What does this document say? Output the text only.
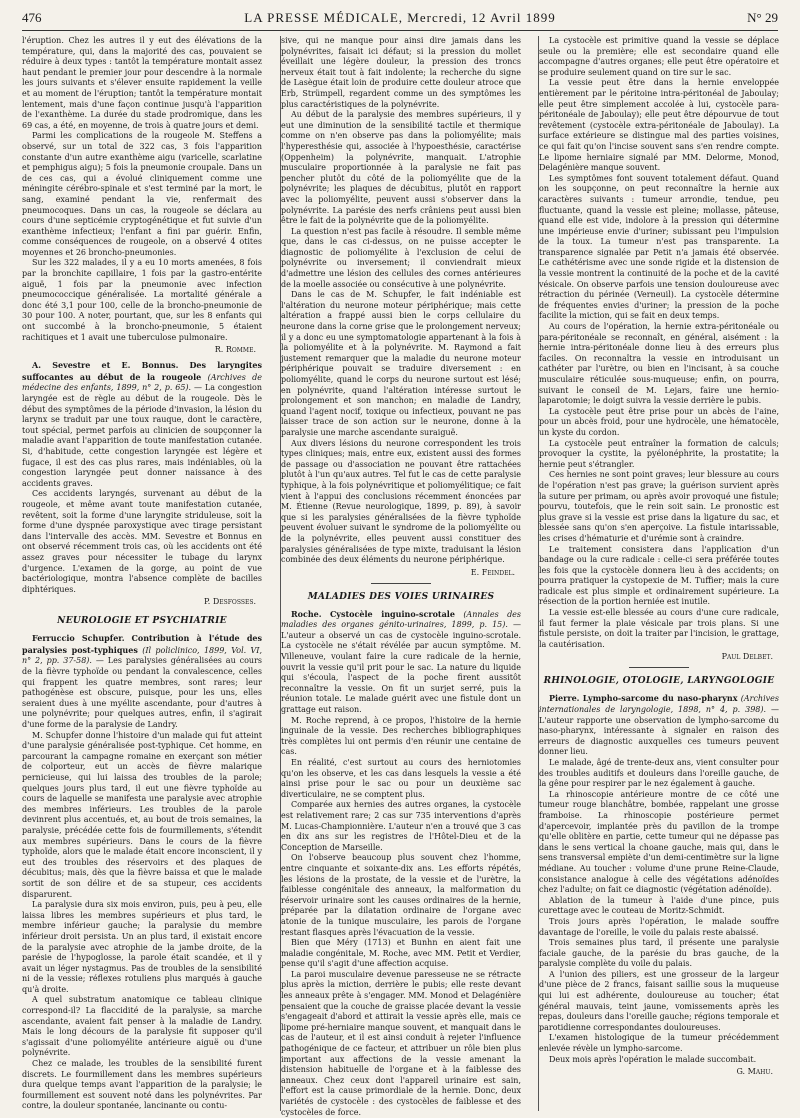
476	LA PRESSE MÉDICALE, Mercredi, 12 Avril 1899	N° 29

l'éruption. Chez les autres il y eut des élévations de la température, qui, dans la majorité des cas, pouvaient se réduire à deux types : tantôt la température montait assez haut pendant le premier jour pour descendre à la normale les jours suivants et s'élever ensuite rapidement la veille et au moment de l'éruption; tantôt la température montait lentement, mais d'une façon continue jusqu'à l'apparition de l'exanthème. La durée du stade prodromique, dans les 69 cas, a été, en moyenne, de trois à quatre jours et demi.

Parmi les complications de la rougeole M. Steffens a observé, sur un total de 322 cas, 3 fois l'apparition constante d'un autre exanthème aigu (varicelle, scarlatine et pemphigus aigu); 5 fois la pneumonie croupale. Dans un de ces cas, qui a évolué cliniquement comme une méningite cérébro-spinale et s'est terminé par la mort, le sang, examiné pendant la vie, renfermait des pneumocoques. Dans un cas, la rougeole se déclara au cours d'une septicémie cryptogénétique et fut suivie d'un exanthème infectieux; l'enfant a fini par guérir. Enfin, comme conséquences de rougeole, on a observé 4 otites moyennes et 26 broncho-pneumonies.

Sur les 322 malades, il y a eu 10 morts amenées, 8 fois par la bronchite capillaire, 1 fois par la gastro-entérite aiguë, 1 fois par la pneumonie avec infection pneumococcique généralisée. La mortalité générale a donc été 3,1 pour 100, celle de la broncho-pneumonie de 30 pour 100. A noter, pourtant, que, sur les 8 enfants qui ont succombé à la broncho-pneumonie, 5 étaient rachitiques et 1 avait une tuberculose pulmonaire.

R. Romme.

A. Sevestre et E. Bonnus. Des laryngites suffocantes au début de la rougeole (Archives de médecine des enfants, 1899, n° 2, p. 65). — La congestion laryngée est de règle au début de la rougeole. Dès le début des symptômes de la période d'invasion, la lésion du larynx se traduit par une toux rauque, dont le caractère, tout spécial, permet parfois au clinicien de soupçonner la maladie avant l'apparition de toute manifestation cutanée. Si, d'habitude, cette congestion laryngée est légère et fugace, il est des cas plus rares, mais indéniables, où la congestion laryngée peut donner naissance à des accidents graves.

Ces accidents laryngés, survenant au début de la rougeole, et même avant toute manifestation cutanée, revêtent, soit la forme d'une laryngite striduleuse, soit la forme d'une dyspnée paroxystique avec tirage persistant dans l'intervalle des accès. MM. Sevestre et Bonnus en ont observé récemment trois cas, où les accidents ont été assez graves pour nécessiter le tubage du larynx d'urgence. L'examen de la gorge, au point de vue bactériologique, montra l'absence complète de bacilles diphtériques.

P. Desfosses.
NEUROLOGIE ET PSYCHIATRIE

Ferruccio Schupfer. Contribution à l'étude des paralysies post-typhiques (Il policlinico, 1899, Vol. VI, n° 2, pp. 37-58). — Les paralysies généralisées au cours de la fièvre typhoïde ou pendant la convalescence, celles qui frappent les quatre membres, sont rares; leur pathogénèse est obscure, puisque, pour les uns, elles seraient dues à une myélite ascendante, pour d'autres à une polynévrite; pour quelques autres, enfin, il s'agirait d'une forme de la paralysie de Landry.

M. Schupfer donne l'histoire d'un malade qui fut atteint d'une paralysie généralisée post-typhique. Cet homme, en parcourant la campagne romaine en exerçant son métier de colporteur, eut un accès de fièvre malarique pernicieuse, qui lui laissa des troubles de la parole; quelques jours plus tard, il eut une fièvre typhoïde au cours de laquelle se manifesta une paralysie avec atrophie des membres inférieurs. Les troubles de la parole devinrent plus accentués, et, au bout de trois semaines, la paralysie, précédée cette fois de fourmillements, s'étendit aux membres supérieurs. Dans le cours de la fièvre typhoïde, alors que le malade était encore inconscient, il y eut des troubles des réservoirs et des plaques de décubitus; mais, dès que la fièvre baissa et que le malade sortit de son délire et de sa stupeur, ces accidents disparurent.

La paralysie dura six mois environ, puis, peu à peu, elle laissa libres les membres supérieurs et plus tard, le membre inférieur gauche; la paralysie du membre inférieur droit persista. Un an plus tard, il existait encore de la paralysie avec atrophie de la jambe droite, de la parésie de l'hypoglosse, la parole était scandée, et il y avait un léger nystagmus. Pas de troubles de la sensibilité ni de la vessie; réflexes rotuliens plus marqués à gauche qu'à droite.

A quel substratum anatomique ce tableau clinique correspond-il? La flaccidité de la paralysie, sa marche ascendante, avaient fait penser à la maladie de Landry. Mais le long décours de la paralysie fit supposer qu'il s'agissait d'une poliomyélite antérieure aiguë ou d'une polynévrite.

Chez ce malade, les troubles de la sensibilité furent discrets. Le fourmillement dans les membres supérieurs dura quelque temps avant l'apparition de la paralysie; le fourmillement est souvent noté dans les polynévrites. Par contre, la douleur spontanée, lancinante ou contu-

sive, qui ne manque pour ainsi dire jamais dans les polynévrites, faisait ici défaut; si la pression du mollet éveillait une légère douleur, la pression des troncs nerveux était tout à fait indolente; la recherche du signe de Lasègue était loin de produire cette douleur atroce que Erb, Strümpell, regardent comme un des symptômes les plus caractéristiques de la polynévrite.

Au début de la paralysie des membres supérieurs, il y eut une diminution de la sensibilité tactile et thermique comme on n'en observe pas dans la poliomyélite; mais l'hyperesthésie qui, associée à l'hypoesthésie, caractérise (Oppenheim) la polynévrite, manquait. L'atrophie musculaire proportionnée à la paralysie ne fait pas pencher plutôt du côté de la poliomyélite que de la polynévrite; les plaques de décubitus, plutôt en rapport avec la poliomyélite, peuvent aussi s'observer dans la polynévrite. La parésie des nerfs crâniens peut aussi bien être le fait de la polynévrite que de la poliomyélite.

La question n'est pas facile à résoudre. Il semble même que, dans le cas ci-dessus, on ne puisse accepter le diagnostic de poliomyélite à l'exclusion de celui de polynévrite ou inversement; il conviendrait mieux d'admettre une lésion des cellules des cornes antérieures de la moelle associée ou consécutive à une polynévrite.

Dans le cas de M. Schupfer, le fait indéniable est l'altération du neurone moteur périphérique; mais cette altération a frappé aussi bien le corps cellulaire du neurone dans la corne grise que le prolongement nerveux; il y a donc eu une symptomatologie appartenant à la fois à la poliomyélite et à la polynévrite. M. Raymond a fait justement remarquer que la maladie du neurone moteur périphérique pouvait se traduire diversement : en poliomyélite, quand le corps du neurone surtout est lésé; en polynévrite, quand l'altération intéresse surtout le prolongement et son manchon; en maladie de Landry, quand l'agent nocif, toxique ou infectieux, pouvant ne pas laisser trace de son action sur le neurone, donne à la paralysie une marche ascendante suraiguë.

Aux divers lésions du neurone correspondent les trois types cliniques; mais, entre eux, existent aussi des formes de passage ou d'association ne pouvant être rattachées plutôt à l'un qu'aux autres. Tel fut le cas de cette paralysie typhique, à la fois polynévritique et poliomyélitique; ce fait vient à l'appui des conclusions récemment énoncées par M. Étienne (Revue neurologique, 1899, p. 89), à savoir que si les paralysies généralisées de la fièvre typhoïde peuvent évoluer suivant le syndrome de la poliomyélite ou de la polynévrite, elles peuvent aussi constituer des paralysies généralisées de type mixte, traduisant la lésion combinée des deux éléments du neurone périphérique.

E. Feindel.
MALADIES DES VOIES URINAIRES

Roche. Cystocèle inguino-scrotale (Annales des maladies des organes génito-urinaires, 1899, p. 15). — L'auteur a observé un cas de cystocèle inguino-scrotale. La cystocèle ne s'était révélée par aucun symptôme. M. Villeneuve, voulant faire la cure radicale de la hernie, ouvrit la vessie qu'il prit pour le sac. La nature du liquide qui s'écoula, l'aspect de la poche firent aussitôt reconnaître la vessie. On fit un surjet serré, puis la réunion totale. Le malade guérit avec une fistule dont un grattage eut raison.

M. Roche reprend, à ce propos, l'histoire de la hernie inguinale de la vessie. Des recherches bibliographiques très complètes lui ont permis d'en réunir une centaine de cas.

En réalité, c'est surtout au cours des herniotomies qu'on les observe, et les cas dans lesquels la vessie a été ainsi prise pour le sac ou pour un deuxième sac diverticulaire, ne se comptent plus.

Comparée aux hernies des autres organes, la cystocèle est relativement rare; 2 cas sur 735 interventions d'après M. Lucas-Championnière. L'auteur n'en a trouvé que 3 cas en dix ans sur les registres de l'Hôtel-Dieu et de la Conception de Marseille.

On l'observe beaucoup plus souvent chez l'homme, entre cinquante et soixante-dix ans. Les efforts répétés, les lésions de la prostate, de la vessie et de l'urètre, la faiblesse congénitale des anneaux, la malformation du réservoir urinaire sont les causes ordinaires de la hernie, préparée par la dilatation ordinaire de l'organe avec atonie de la tunique musculaire, les parois de l'organe restant flasques après l'évacuation de la vessie.

Bien que Méry (1713) et Bunhn en aient fait une maladie congénitale, M. Roche, avec MM. Petit et Verdier, pense qu'il s'agit d'une affection acquise.

La paroi musculaire devenue paresseuse ne se rétracte plus après la miction, derrière le pubis; elle reste devant les anneaux prête à s'engager. MM. Monod et Delagénière pensaient que la couche de graisse placée devant la vessie s'engageait d'abord et attirait la vessie après elle, mais ce lipome pré-herniaire manque souvent, et manquait dans le cas de l'auteur, et il est ainsi conduit à rejeter l'influence pathogénique de ce facteur, et attribuer un rôle bien plus important aux affections de la vessie amenant la distension habituelle de l'organe et à la faiblesse des anneaux. Chez ceux dont l'appareil urinaire est sain, l'effort est la cause primordiale de la hernie. Donc, deux variétés de cystocèle : des cystocèles de faiblesse et des cystocèles de force.

La cystocèle est primitive quand la vessie se déplace seule ou la première; elle est secondaire quand elle accompagne d'autres organes; elle peut être opératoire et se produire seulement quand on tire sur le sac.

La vessie peut être dans la hernie enveloppée entièrement par le péritoine intra-péritonéal de Jaboulay; elle peut être simplement accolée à lui, cystocèle para-péritonéale de Jaboulay); elle peut être dépourvue de tout revêtement (cystocèle extra-péritonéale de Jaboulay). La surface extérieure se distingue mal des parties voisines, ce qui fait qu'on l'incise souvent sans s'en rendre compte. Le lipome herniaire signalé par MM. Delorme, Monod, Delagénière manque souvent.

Les symptômes font souvent totalement défaut. Quand on les soupçonne, on peut reconnaître la hernie aux caractères suivants : tumeur arrondie, tendue, peu fluctuante, quand la vessie est pleine; mollasse, pâteuse, quand elle est vide, indolore à la pression qui détermine une impérieuse envie d'uriner; subissant peu l'impulsion de la toux. La tumeur n'est pas transparente. La transparence signalée par Petit n'a jamais été observée. Le cathétérisme avec une sonde rigide et la distension de la vessie montrent la continuité de la poche et de la cavité vésicale. On observe parfois une tension douloureuse avec rétraction du périnée (Verneuil). La cystocèle détermine de fréquentes envies d'uriner; la pression de la poche facilite la miction, qui se fait en deux temps.

Au cours de l'opération, la hernie extra-péritonéale ou para-péritonéale se reconnaît, en général, aisément : la hernie intra-péritonéale donne lieu à des erreurs plus faciles. On reconnaîtra la vessie en introduisant un cathéter par l'urètre, ou bien en l'incisant, à sa couche musculaire réticulée sous-muqueuse; enfin, on pourra, suivant le conseil de M. Lejars, faire une hernio-laparotomie; le doigt suivra la vessie derrière le pubis.

La cystocèle peut être prise pour un abcès de l'aine, pour un abcès froid, pour une hydrocèle, une hématocèle, un kyste du cordon.

La cystocèle peut entraîner la formation de calculs; provoquer la cystite, la pyélonéphrite, la prostatite; la hernie peut s'étrangler.

Ces hernies ne sont point graves; leur blessure au cours de l'opération n'est pas grave; la guérison survient après la suture per primam, ou après avoir provoqué une fistule; pourvu, toutefois, que le rein soit sain. Le pronostic est plus grave si la vessie est prise dans la ligature du sac, et blessée sans qu'on s'en aperçoive. La fistule intarissable, les crises d'hématurie et d'urémie sont à craindre.

Le traitement consistera dans l'application d'un bandage ou la cure radicale : celle-ci sera préférée toutes les fois que la cystocèle donnera lieu à des accidents; on pourra pratiquer la cystopexie de M. Tuffier; mais la cure radicale est plus simple et ordinairement supérieure. La résection de la portion herniée est inutile.

La vessie est-elle blessée au cours d'une cure radicale, il faut fermer la plaie vésicale par trois plans. Si une fistule persiste, on doit la traiter par l'incision, le grattage, la cautérisation.

Paul Delbet.
RHINOLOGIE, OTOLOGIE, LARYNGOLOGIE

Pierre. Lympho-sarcome du naso-pharynx (Archives internationales de laryngologie, 1898, n° 4, p. 398). — L'auteur rapporte une observation de lympho-sarcome du naso-pharynx, intéressante à signaler en raison des erreurs de diagnostic auxquelles ces tumeurs peuvent donner lieu.

Le malade, âgé de trente-deux ans, vient consulter pour des troubles auditifs et douleurs dans l'oreille gauche, de la gêne pour respirer par le nez également à gauche.

La rhinoscopie antérieure montre de ce côté une tumeur rouge blanchâtre, bombée, rappelant une grosse framboise. La rhinoscopie postérieure permet d'apercevoir, implantée près du pavillon de la trompe qu'elle oblitère en partie, cette tumeur qui ne dépasse pas dans le sens vertical la choane gauche, mais qui, dans le sens transversal empiète d'un demi-centimètre sur la ligne médiane. Au toucher : volume d'une prune Reine-Claude, consistance analogue à celle des végétations adénoïdes chez l'adulte; on fait ce diagnostic (végétation adénoïde).

Ablation de la tumeur à l'aide d'une pince, puis curettage avec le couteau de Moritz-Schmidt.

Trois jours après l'opération, le malade souffre davantage de l'oreille, le voile du palais reste abaissé.

Trois semaines plus tard, il présente une paralysie faciale gauche, de la parésie du bras gauche, de la paralysie complète du voile du palais.

A l'union des piliers, est une grosseur de la largeur d'une pièce de 2 francs, faisant saillie sous la muqueuse qui lui est adhérente, douloureuse au toucher; état général mauvais, teint jaune, vomissements après les repas, douleurs dans l'oreille gauche; régions temporale et parotidienne correspondantes douloureuses.

L'examen histologique de la tumeur précédemment enlevée révèle un lympho-sarcome.

Deux mois après l'opération le malade succombait.

G. Mahu.
